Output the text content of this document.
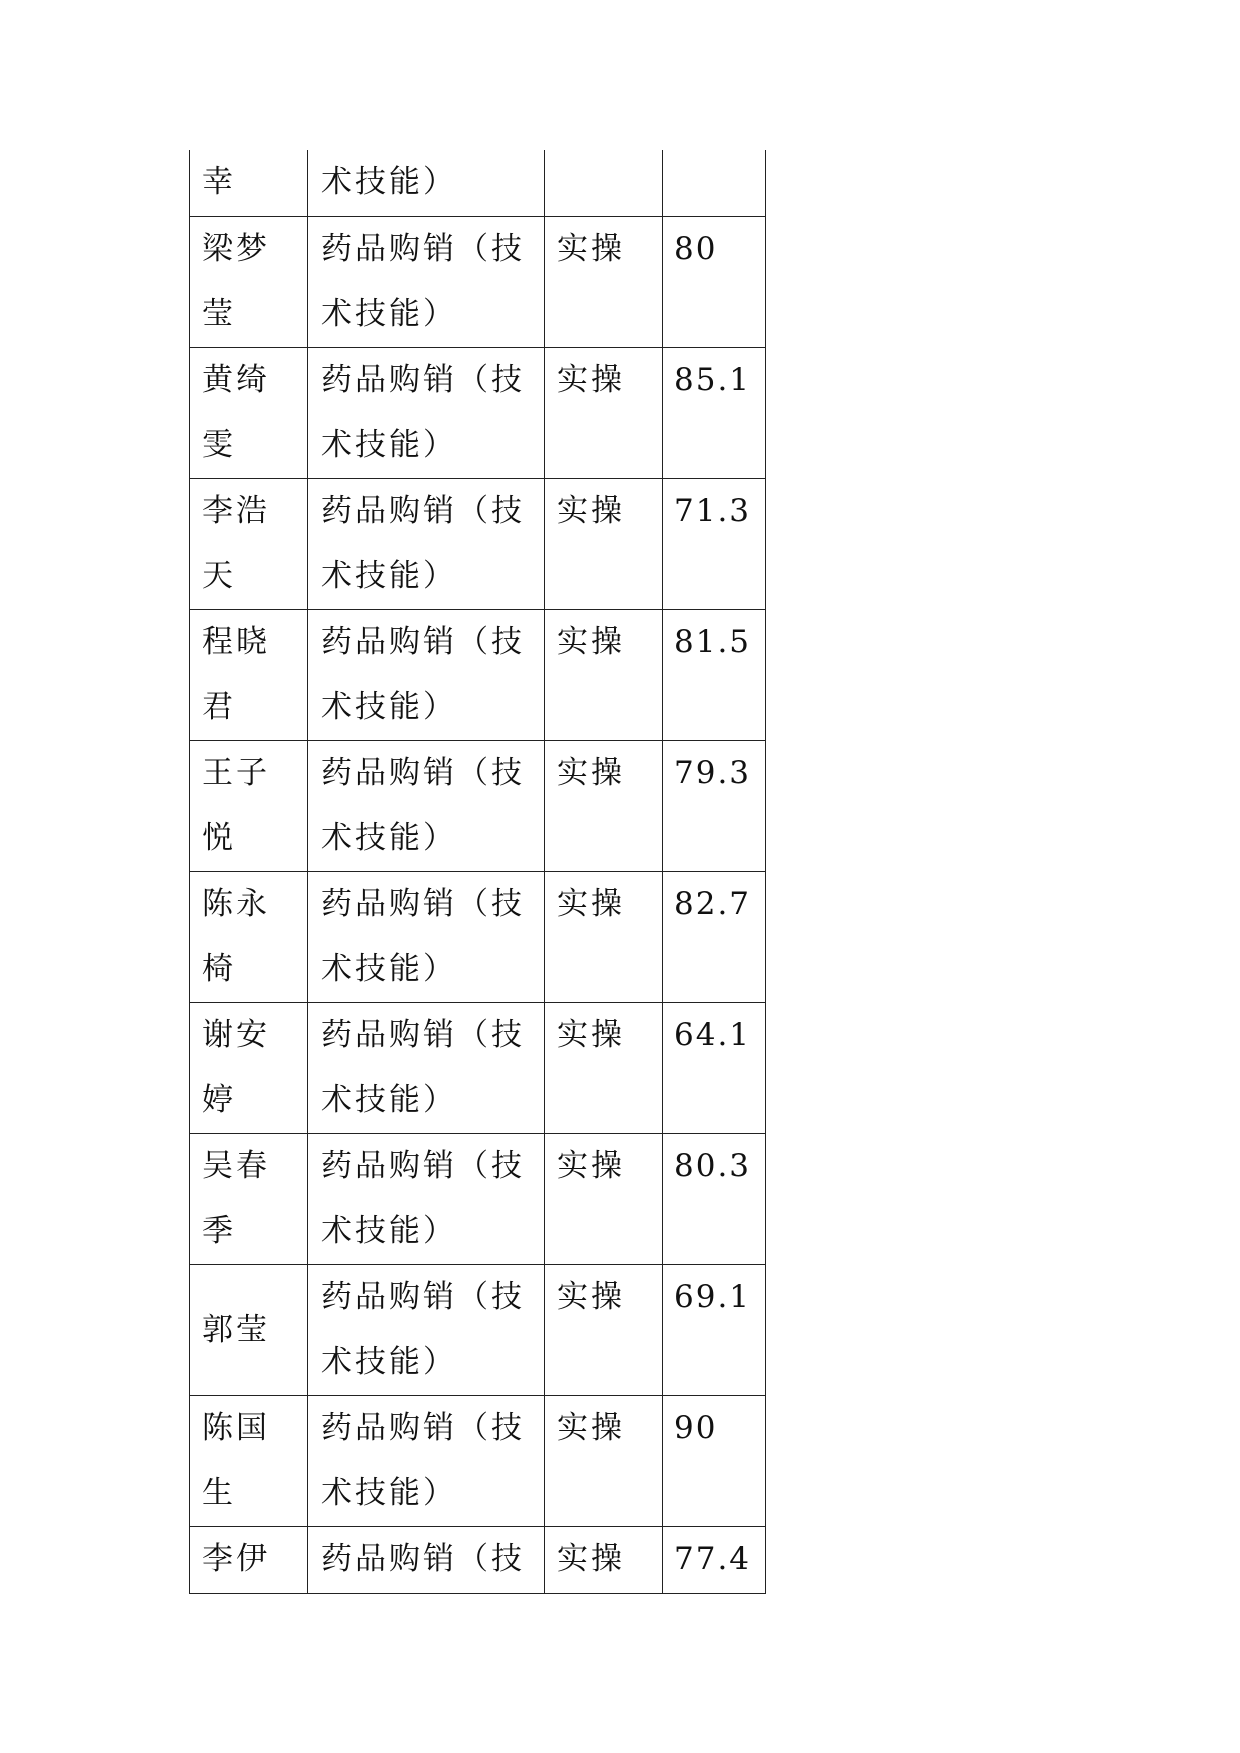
幸	术技能）		

梁梦莹	药品购销（技术技能）	实操	80

黄绮雯	药品购销（技术技能）	实操	85.1

李浩天	药品购销（技术技能）	实操	71.3

程晓君	药品购销（技术技能）	实操	81.5

王子悦	药品购销（技术技能）	实操	79.3

陈永椅	药品购销（技术技能）	实操	82.7

谢安婷	药品购销（技术技能）	实操	64.1

吴春季	药品购销（技术技能）	实操	80.3

郭莹	药品购销（技术技能）	实操	69.1

陈国生	药品购销（技术技能）	实操	90

李伊	药品购销（技	实操	77.4
